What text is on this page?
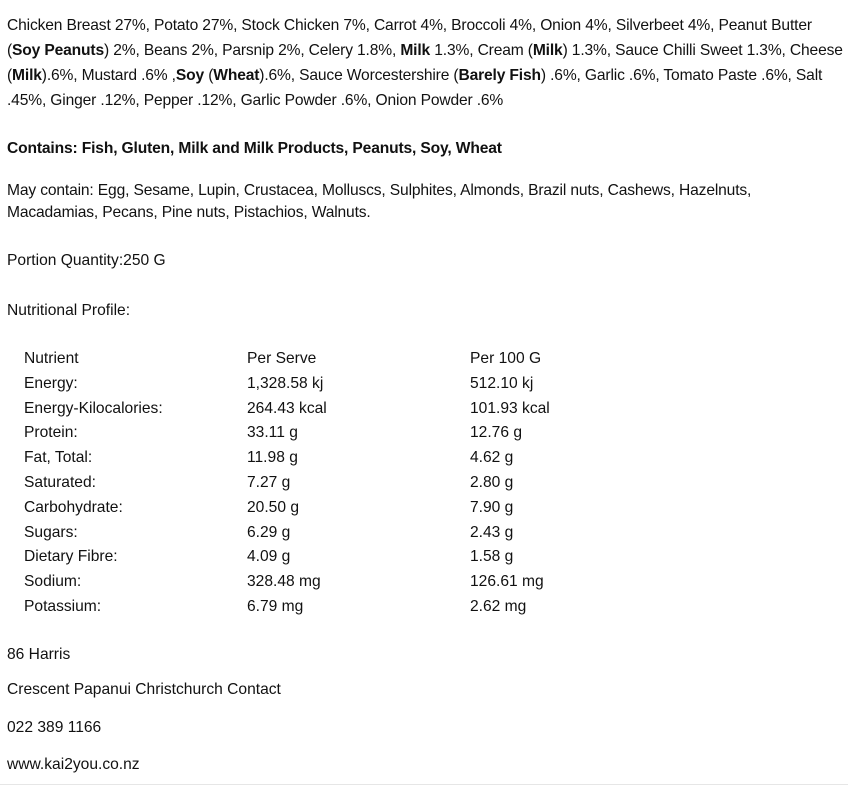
Chicken Breast 27%, Potato 27%, Stock Chicken 7%, Carrot 4%, Broccoli 4%, Onion 4%, Silverbeet 4%, Peanut Butter (Soy Peanuts) 2%, Beans 2%, Parsnip 2%, Celery 1.8%, Milk 1.3%, Cream (Milk) 1.3%, Sauce Chilli Sweet 1.3%, Cheese (Milk).6%, Mustard .6% ,Soy (Wheat).6%, Sauce Worcestershire (Barely Fish) .6%, Garlic .6%, Tomato Paste .6%, Salt .45%, Ginger .12%, Pepper .12%, Garlic Powder .6%, Onion Powder .6%

Contains: Fish, Gluten, Milk and Milk Products, Peanuts, Soy, Wheat

May contain: Egg, Sesame, Lupin, Crustacea, Molluscs, Sulphites, Almonds, Brazil nuts, Cashews, Hazelnuts, Macadamias, Pecans, Pine nuts, Pistachios, Walnuts.

Portion Quantity:250 G

Nutritional Profile:

Nutrient	Per Serve	Per 100 G
Energy:	1,328.58 kj	512.10 kj
Energy-Kilocalories:	264.43 kcal	101.93 kcal
Protein:	33.11 g	12.76 g
Fat, Total:	11.98 g	4.62 g
Saturated:	7.27 g	2.80 g
Carbohydrate:	20.50 g	7.90 g
Sugars:	6.29 g	2.43 g
Dietary Fibre:	4.09 g	1.58 g
Sodium:	328.48 mg	126.61 mg
Potassium:	6.79 mg	2.62 mg

86 Harris

Crescent Papanui Christchurch Contact

022 389 1166

www.kai2you.co.nz
